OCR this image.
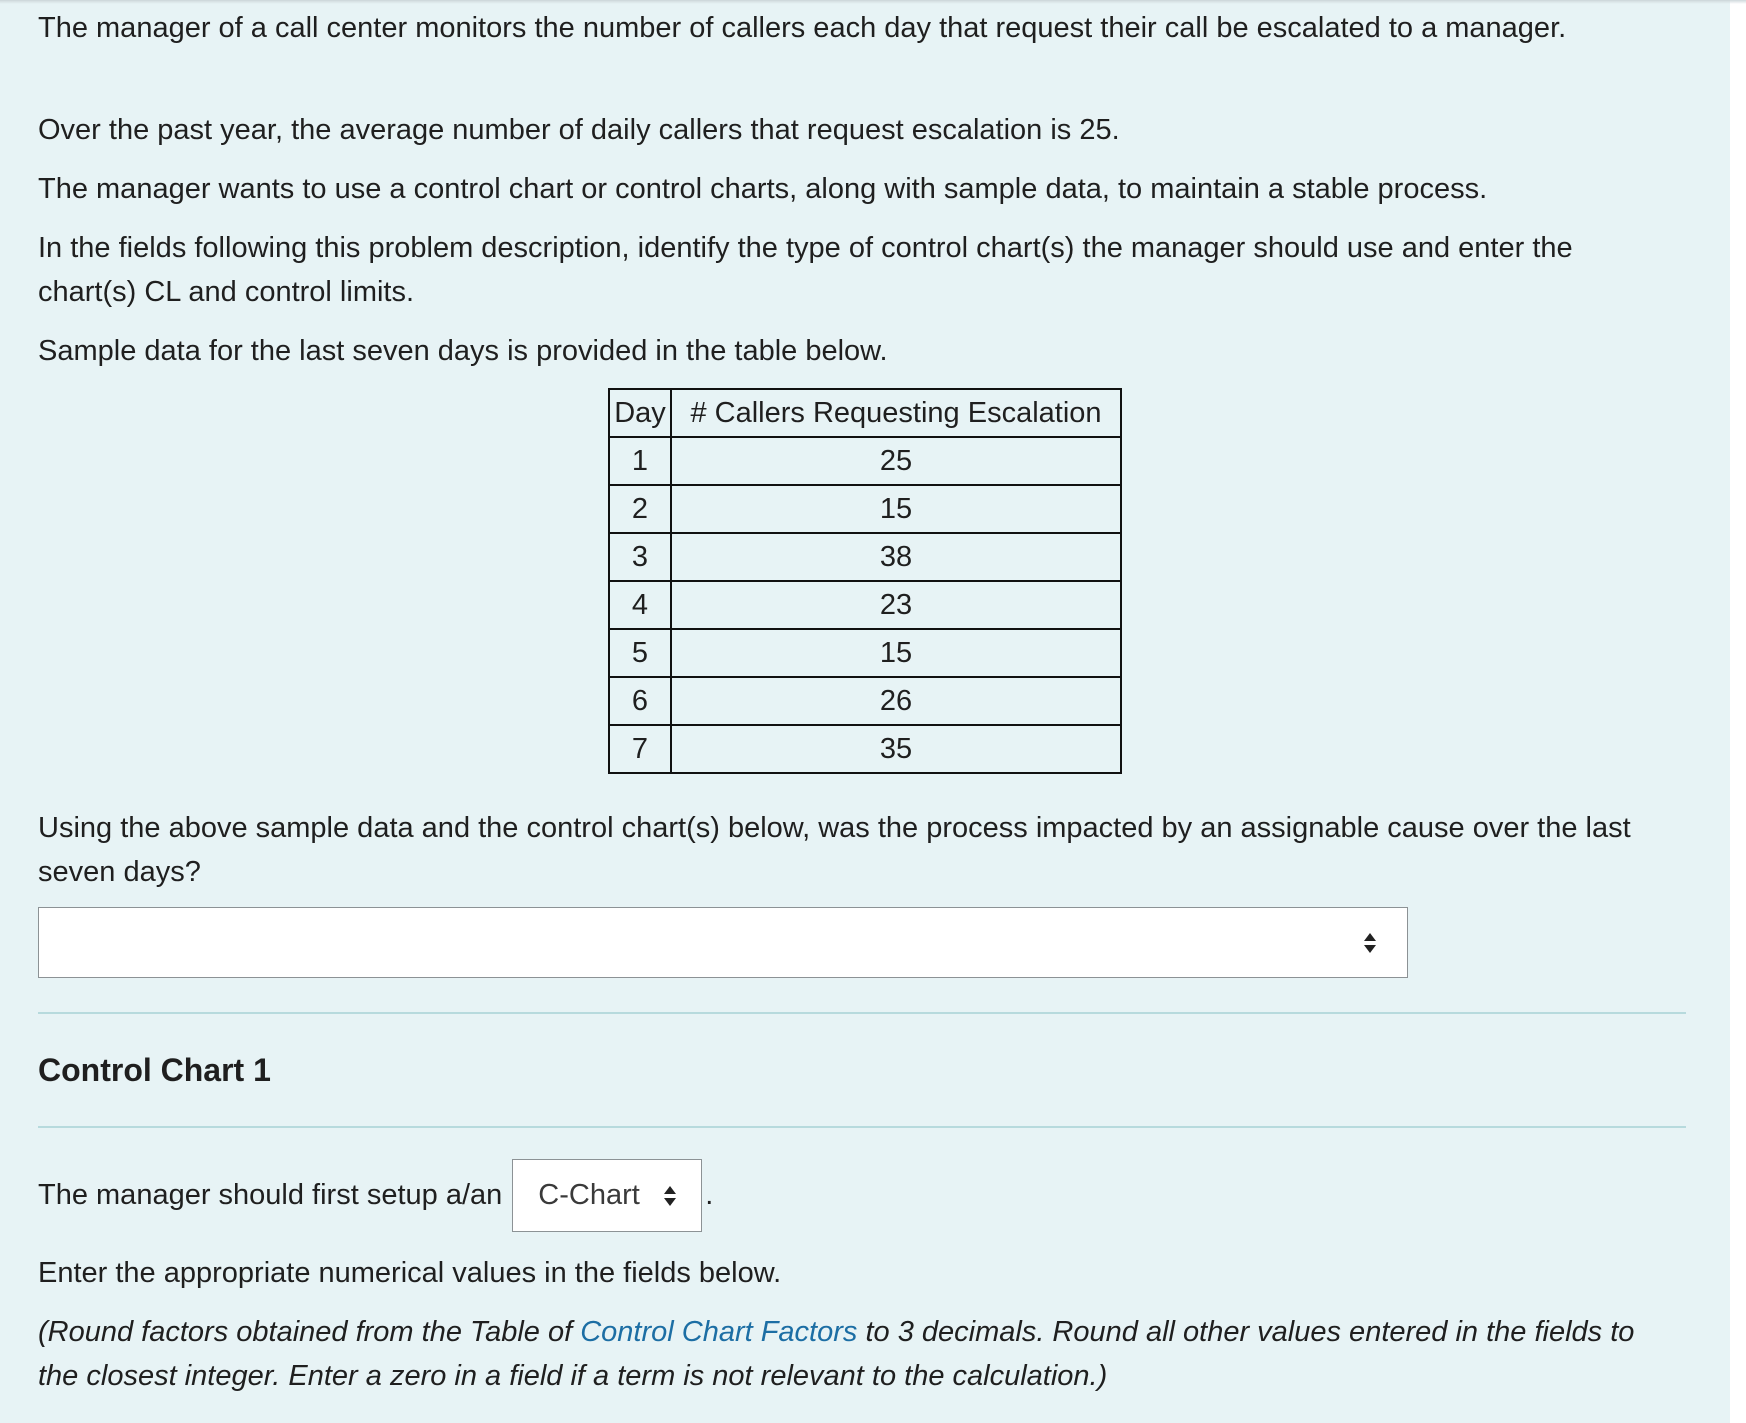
The manager of a call center monitors the number of callers each day that request their call be escalated to a manager.

Over the past year, the average number of daily callers that request escalation is 25.

The manager wants to use a control chart or control charts, along with sample data, to maintain a stable process.

In the fields following this problem description, identify the type of control chart(s) the manager should use and enter the chart(s) CL and control limits.

Sample data for the last seven days is provided in the table below.

Day	# Callers Requesting Escalation
1	25
2	15
3	38
4	23
5	15
6	26
7	35

Using the above sample data and the control chart(s) below, was the process impacted by an assignable cause over the last seven days?

Control Chart 1
The manager should first setup a/an C-Chart .

Enter the appropriate numerical values in the fields below.

(Round factors obtained from the Table of Control Chart Factors to 3 decimals. Round all other values entered in the fields to the closest integer. Enter a zero in a field if a term is not relevant to the calculation.)
